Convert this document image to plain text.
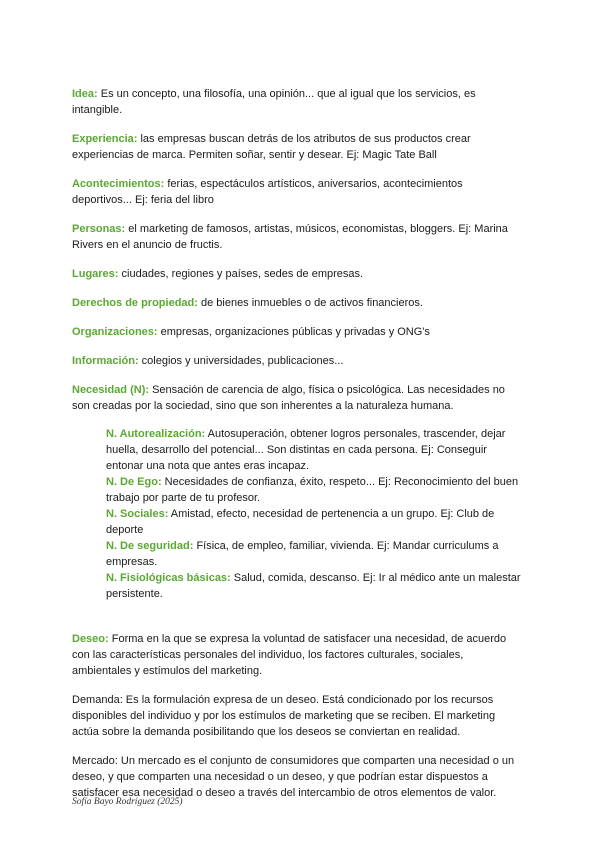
Idea: Es un concepto, una filosofía, una opinión... que al igual que los servicios, es intangible.

Experiencia: las empresas buscan detrás de los atributos de sus productos crear experiencias de marca. Permiten soñar, sentir y desear. Ej: Magic Tate Ball

Acontecimientos: ferias, espectáculos artísticos, aniversarios, acontecimientos deportivos... Ej: feria del libro

Personas: el marketing de famosos, artistas, músicos, economistas, bloggers. Ej: Marina Rivers en el anuncio de fructis.

Lugares: ciudades, regiones y países, sedes de empresas.

Derechos de propiedad: de bienes inmuebles o de activos financieros.

Organizaciones: empresas, organizaciones públicas y privadas y ONG's

Información: colegios y universidades, publicaciones...

Necesidad (N): Sensación de carencia de algo, física o psicológica. Las necesidades no son creadas por la sociedad, sino que son inherentes a la naturaleza humana.

N. Autorealización: Autosuperación, obtener logros personales, trascender, dejar huella, desarrollo del potencial... Son distintas en cada persona. Ej: Conseguir entonar una nota que antes eras incapaz.

N. De Ego: Necesidades de confianza, éxito, respeto... Ej: Reconocimiento del buen trabajo por parte de tu profesor.

N. Sociales: Amistad, efecto, necesidad de pertenencia a un grupo. Ej: Club de deporte

N. De seguridad: Física, de empleo, familiar, vivienda. Ej: Mandar curriculums a empresas.

N. Fisiológicas básicas: Salud, comida, descanso. Ej: Ir al médico ante un malestar persistente.

Deseo: Forma en la que se expresa la voluntad de satisfacer una necesidad, de acuerdo con las características personales del individuo, los factores culturales, sociales, ambientales y estímulos del marketing.

Demanda: Es la formulación expresa de un deseo. Está condicionado por los recursos disponibles del individuo y por los estímulos de marketing que se reciben. El marketing actúa sobre la demanda posibilitando que los deseos se conviertan en realidad.

Mercado: Un mercado es el conjunto de consumidores que comparten una necesidad o un deseo, y que comparten una necesidad o un deseo, y que podrían estar dispuestos a satisfacer esa necesidad o deseo a través del intercambio de otros elementos de valor.

Sofía Bayo Rodríguez (2025)
